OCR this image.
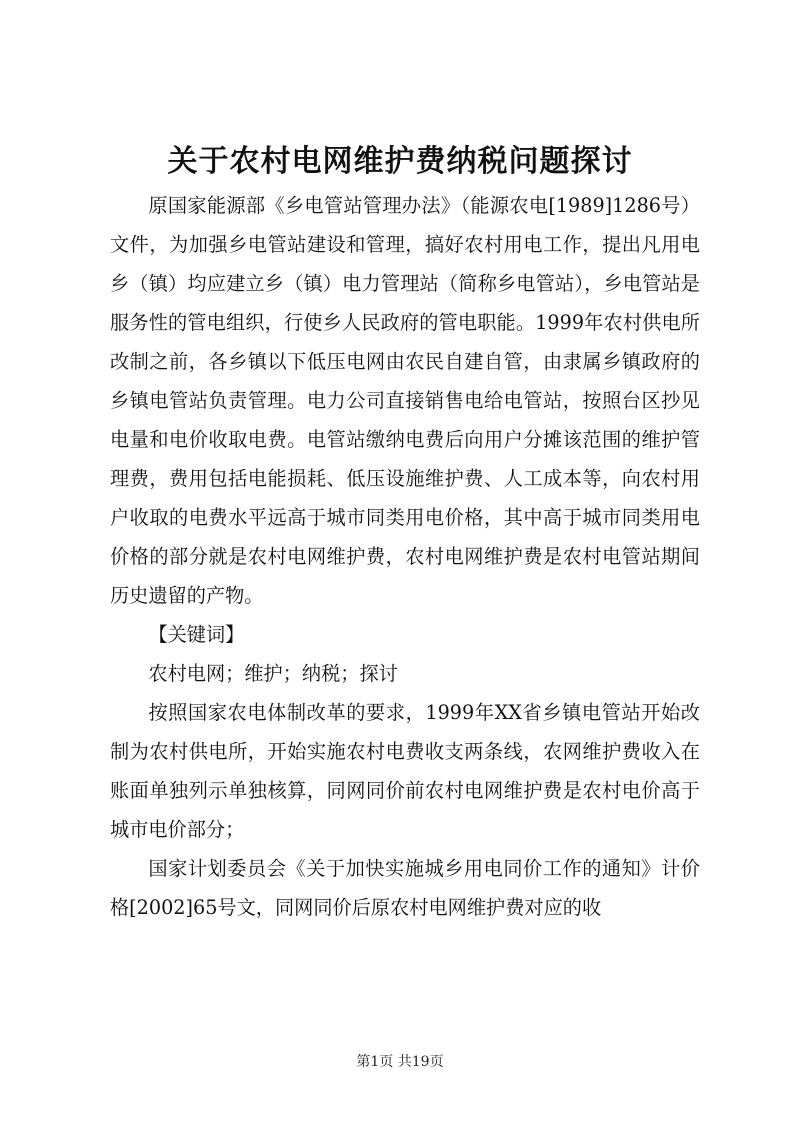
关于农村电网维护费纳税问题探讨

原国家能源部《乡电管站管理办法》（能源农电[1989]1286号）文件，为加强乡电管站建设和管理，搞好农村用电工作，提出凡用电乡（镇）均应建立乡（镇）电力管理站（简称乡电管站），乡电管站是服务性的管电组织，行使乡人民政府的管电职能。1999年农村供电所改制之前，各乡镇以下低压电网由农民自建自管，由隶属乡镇政府的乡镇电管站负责管理。电力公司直接销售电给电管站，按照台区抄见电量和电价收取电费。电管站缴纳电费后向用户分摊该范围的维护管理费，费用包括电能损耗、低压设施维护费、人工成本等，向农村用户收取的电费水平远高于城市同类用电价格，其中高于城市同类用电价格的部分就是农村电网维护费，农村电网维护费是农村电管站期间历史遗留的产物。

【关键词】

农村电网；维护；纳税；探讨

按照国家农电体制改革的要求，1999年XX省乡镇电管站开始改制为农村供电所，开始实施农村电费收支两条线，农网维护费收入在账面单独列示单独核算，同网同价前农村电网维护费是农村电价高于城市电价部分；

国家计划委员会《关于加快实施城乡用电同价工作的通知》计价格[2002]65号文，同网同价后原农村电网维护费对应的收

第1页 共19页
